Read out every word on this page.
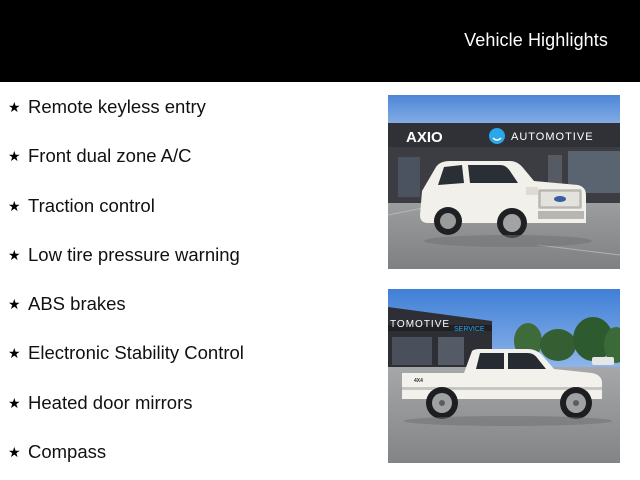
Vehicle Highlights
★ Remote keyless entry
★ Front dual zone A/C
★ Traction control
★ Low tire pressure warning
★ ABS brakes
★ Electronic Stability Control
★ Heated door mirrors
★ Compass
AXIO	AUTOMOTIVE
TOMOTIVE SERVICE
4X4
